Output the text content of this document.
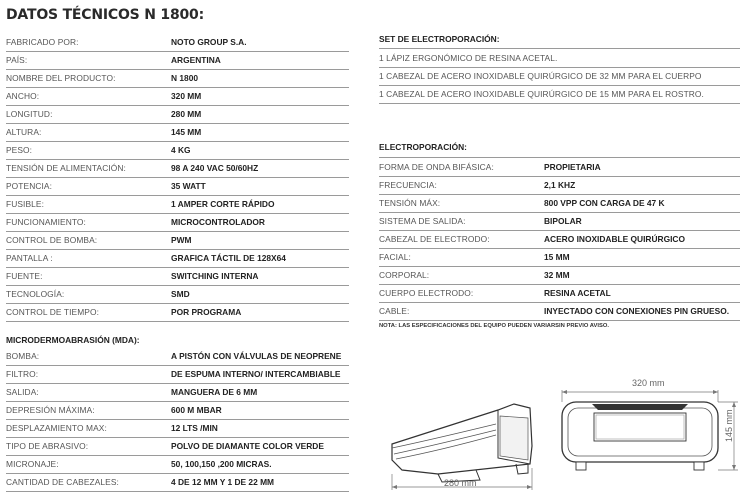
DATOS TÉCNICOS N 1800:
FABRICADO POR:	NOTO GROUP S.A.
PAÍS:	ARGENTINA
NOMBRE DEL PRODUCTO:	N 1800
ANCHO:	320 MM
LONGITUD:	280 MM
ALTURA:	145 MM
PESO:	4 KG
TENSIÓN DE ALIMENTACIÓN:	98 A 240 VAC 50/60HZ
POTENCIA:	35 WATT
FUSIBLE:	1 AMPER CORTE RÁPIDO
FUNCIONAMIENTO:	MICROCONTROLADOR
CONTROL DE BOMBA:	PWM
PANTALLA :	GRAFICA TÁCTIL DE 128X64
FUENTE:	SWITCHING INTERNA
TECNOLOGÍA:	SMD
CONTROL DE TIEMPO:	POR PROGRAMA
MICRODERMOABRASIÓN (MDA):
BOMBA:	A PISTÓN CON VÁLVULAS DE NEOPRENE
FILTRO:	DE ESPUMA INTERNO/ INTERCAMBIABLE
SALIDA:	MANGUERA DE 6 MM
DEPRESIÓN MÁXIMA:	600 M MBAR
DESPLAZAMIENTO MAX:	12 LTS /MIN
TIPO DE ABRASIVO:	POLVO DE DIAMANTE COLOR VERDE
MICRONAJE:	50, 100,150 ,200 MICRAS.
CANTIDAD DE CABEZALES:	4 DE 12 MM Y 1 DE 22 MM
SET DE ELECTROPORACIÓN:
1 LÁPIZ ERGONÓMICO DE RESINA ACETAL.
1 CABEZAL DE ACERO INOXIDABLE QUIRÚRGICO DE 32 MM PARA EL CUERPO
1 CABEZAL DE ACERO INOXIDABLE QUIRÚRGICO DE 15 MM PARA EL ROSTRO.
ELECTROPORACIÓN:
FORMA DE ONDA BIFÁSICA:	PROPIETARIA
FRECUENCIA:	2,1 KHZ
TENSIÓN MÁX:	800 VPP CON CARGA DE 47 K
SISTEMA DE SALIDA:	BIPOLAR
CABEZAL DE ELECTRODO:	ACERO INOXIDABLE QUIRÚRGICO
FACIAL:	15 MM
CORPORAL:	32 MM
CUERPO ELECTRODO:	RESINA ACETAL
CABLE:	INYECTADO CON CONEXIONES PIN GRUESO.
NOTA: LAS ESPECIFICACIONES DEL EQUIPO PUEDEN VARIARSIN PREVIO AVISO.
280 mm
320 mm
145 mm
